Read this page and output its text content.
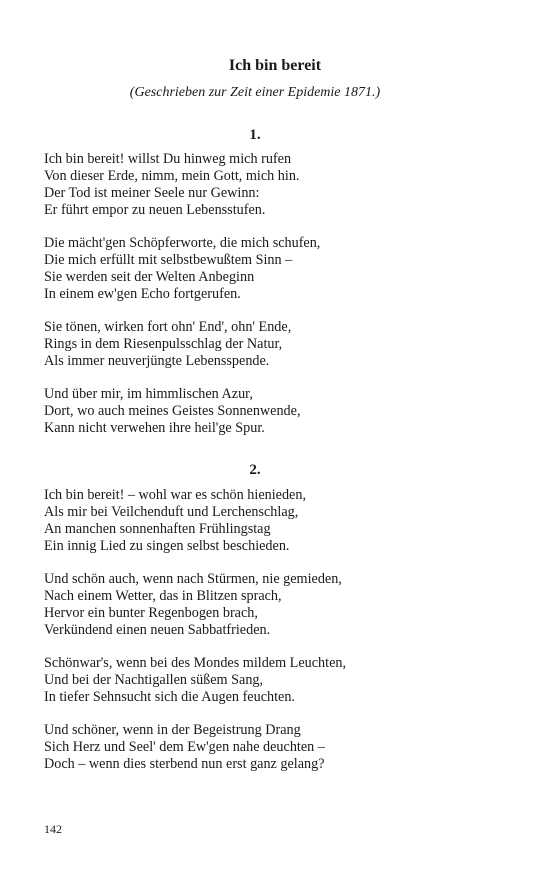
Ich bin bereit
(Geschrieben zur Zeit einer Epidemie 1871.)
1.
Ich bin bereit! willst Du hinweg mich rufen
Von dieser Erde, nimm, mein Gott, mich hin.
Der Tod ist meiner Seele nur Gewinn:
Er führt empor zu neuen Lebensstufen.
Die mächt'gen Schöpferworte, die mich schufen,
Die mich erfüllt mit selbstbewußtem Sinn –
Sie werden seit der Welten Anbeginn
In einem ew'gen Echo fortgerufen.
Sie tönen, wirken fort ohn' End', ohn' Ende,
Rings in dem Riesenpulsschlag der Natur,
Als immer neuverjüngte Lebensspende.
Und über mir, im himmlischen Azur,
Dort, wo auch meines Geistes Sonnenwende,
Kann nicht verwehen ihre heil'ge Spur.
2.
Ich bin bereit! – wohl war es schön hienieden,
Als mir bei Veilchenduft und Lerchenschlag,
An manchen sonnenhaften Frühlingstag
Ein innig Lied zu singen selbst beschieden.
Und schön auch, wenn nach Stürmen, nie gemieden,
Nach einem Wetter, das in Blitzen sprach,
Hervor ein bunter Regenbogen brach,
Verkündend einen neuen Sabbatfrieden.
Schönwar's, wenn bei des Mondes mildem Leuchten,
Und bei der Nachtigallen süßem Sang,
In tiefer Sehnsucht sich die Augen feuchten.
Und schöner, wenn in der Begeistrung Drang
Sich Herz und Seel' dem Ew'gen nahe deuchten –
Doch – wenn dies sterbend nun erst ganz gelang?
142
